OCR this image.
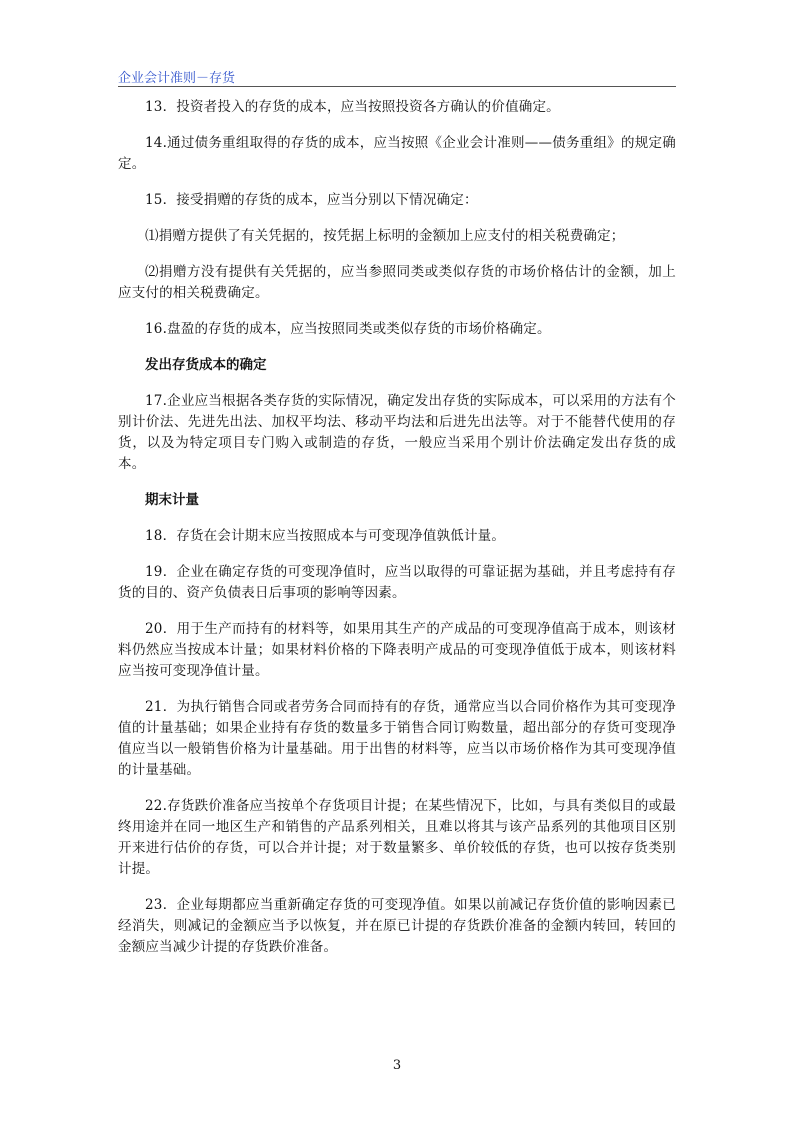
企业会计准则－存货

13．投资者投入的存货的成本，应当按照投资各方确认的价值确定。

14.通过债务重组取得的存货的成本，应当按照《企业会计准则——债务重组》的规定确定。

15．接受捐赠的存货的成本，应当分别以下情况确定：

⑴捐赠方提供了有关凭据的，按凭据上标明的金额加上应支付的相关税费确定；

⑵捐赠方没有提供有关凭据的，应当参照同类或类似存货的市场价格估计的金额，加上应支付的相关税费确定。

16.盘盈的存货的成本，应当按照同类或类似存货的市场价格确定。

发出存货成本的确定

17.企业应当根据各类存货的实际情况，确定发出存货的实际成本，可以采用的方法有个别计价法、先进先出法、加权平均法、移动平均法和后进先出法等。对于不能替代使用的存货，以及为特定项目专门购入或制造的存货，一般应当采用个别计价法确定发出存货的成本。

期末计量

18．存货在会计期末应当按照成本与可变现净值孰低计量。

19．企业在确定存货的可变现净值时，应当以取得的可靠证据为基础，并且考虑持有存货的目的、资产负债表日后事项的影响等因素。

20．用于生产而持有的材料等，如果用其生产的产成品的可变现净值高于成本，则该材料仍然应当按成本计量；如果材料价格的下降表明产成品的可变现净值低于成本，则该材料应当按可变现净值计量。

21．为执行销售合同或者劳务合同而持有的存货，通常应当以合同价格作为其可变现净值的计量基础；如果企业持有存货的数量多于销售合同订购数量，超出部分的存货可变现净值应当以一般销售价格为计量基础。用于出售的材料等，应当以市场价格作为其可变现净值的计量基础。

22.存货跌价准备应当按单个存货项目计提；在某些情况下，比如，与具有类似目的或最终用途并在同一地区生产和销售的产品系列相关，且难以将其与该产品系列的其他项目区别开来进行估价的存货，可以合并计提；对于数量繁多、单价较低的存货，也可以按存货类别计提。

23．企业每期都应当重新确定存货的可变现净值。如果以前减记存货价值的影响因素已经消失，则减记的金额应当予以恢复，并在原已计提的存货跌价准备的金额内转回，转回的金额应当减少计提的存货跌价准备。

3
